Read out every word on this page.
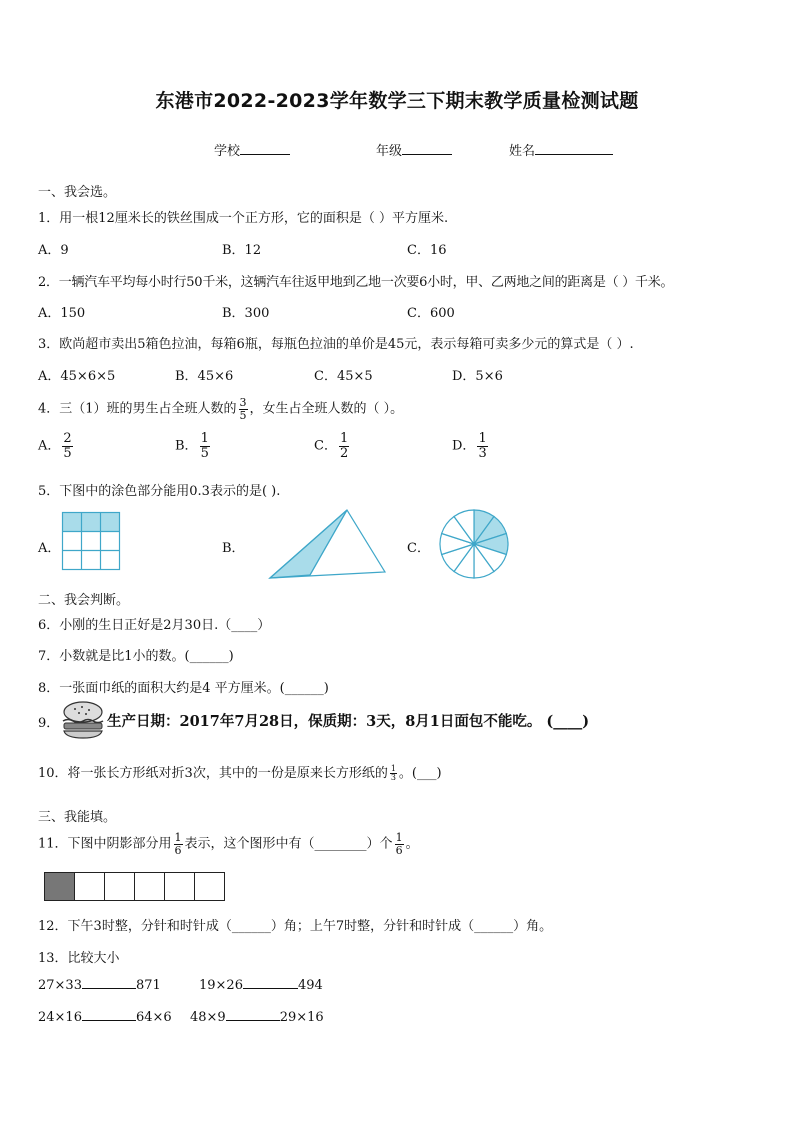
东港市2022-2023学年数学三下期末教学质量检测试题
学校	年级	姓名
一、我会选。
1．用一根12厘米长的铁丝围成一个正方形，它的面积是（ ）平方厘米.
A．9	B．12	C．16
2．一辆汽车平均每小时行50千米，这辆汽车往返甲地到乙地一次要6小时，甲、乙两地之间的距离是（ ）千米。
A．150	B．300	C．600
3．欧尚超市卖出5箱色拉油，每箱6瓶，每瓶色拉油的单价是45元，表示每箱可卖多少元的算式是（ ）.
A．45×6×5	B．45×6	C．45×5	D．5×6
4．三（1）班的男生占全班人数的 $\frac{3}{5}$ ，女生占全班人数的（ ）。
A． $\frac{2}{5}$	B． $\frac{1}{5}$	C． $\frac{1}{2}$	D． $\frac{1}{3}$
5．下图中的涂色部分能用0.3表示的是( ).
A．	B．	C．
二、我会判断。
6．小刚的生日正好是2月30日.（____）
7．小数就是比1小的数。(______)
8．一张面巾纸的面积大约是4 平方厘米。(______)
9．	生产日期：2017年7月28日，保质期：3天，8月1日面包不能吃。 (____)
10．将一张长方形纸对折3次，其中的一份是原来长方形纸的 $\frac{1}{3}$ 。(___)
三、我能填。
11．下图中阴影部分用 $\frac{1}{6}$ 表示，这个图形中有（________）个 $\frac{1}{6}$ 。
12．下午3时整，分针和时针成（______）角；上午7时整，分针和时针成（______）角。
13．比较大小
27×33	871	19×26	494
24×16	64×6 48×9	29×16
